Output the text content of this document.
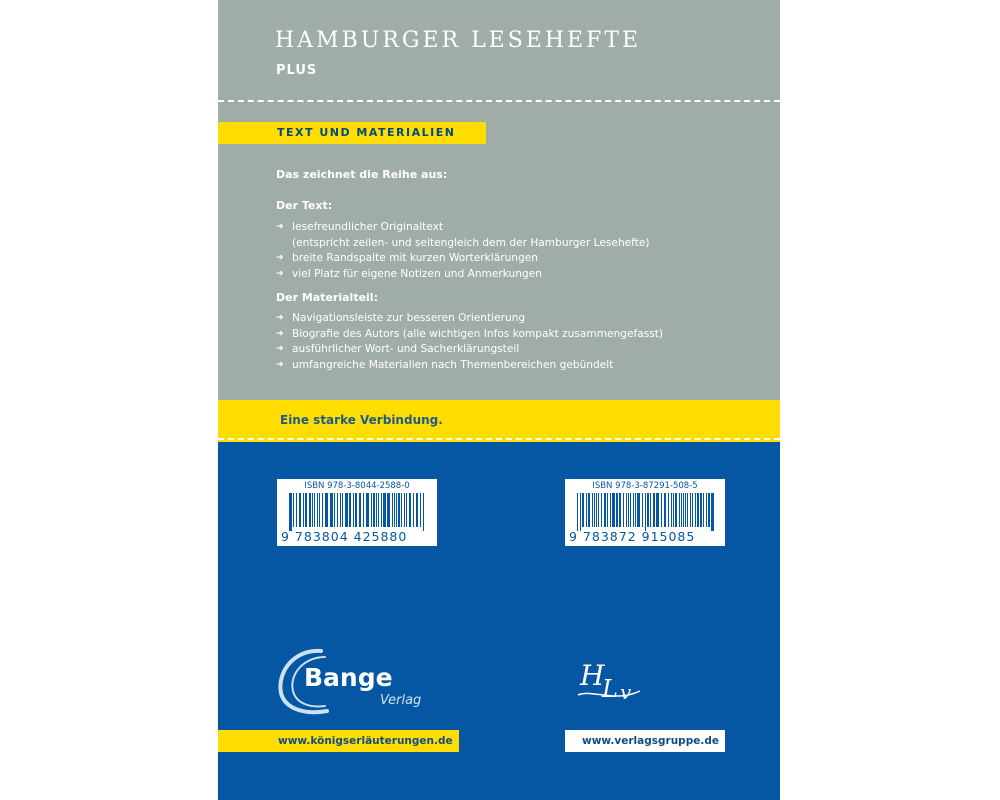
HAMBURGER LESEHEFTE
PLUS
TEXT UND MATERIALIEN
Das zeichnet die Reihe aus:
Der Text:
➔ lesefreundlicher Originaltext
(entspricht zeilen- und seitengleich dem der Hamburger Lesehefte)
➔ breite Randspalte mit kurzen Worterklärungen
➔ viel Platz für eigene Notizen und Anmerkungen
Der Materialteil:
➔ Navigationsleiste zur besseren Orientierung
➔ Biografie des Autors (alle wichtigen Infos kompakt zusammengefasst)
➔ ausführlicher Wort- und Sacherklärungsteil
➔ umfangreiche Materialien nach Themenbereichen gebündelt
Eine starke Verbindung.
ISBN 978-3-8044-2588-0
9 783804 425880
ISBN 978-3-87291-508-5
9 783872 915085
Bange
Verlag
H
L v
www.königserläuterungen.de	www.verlagsgruppe.de
